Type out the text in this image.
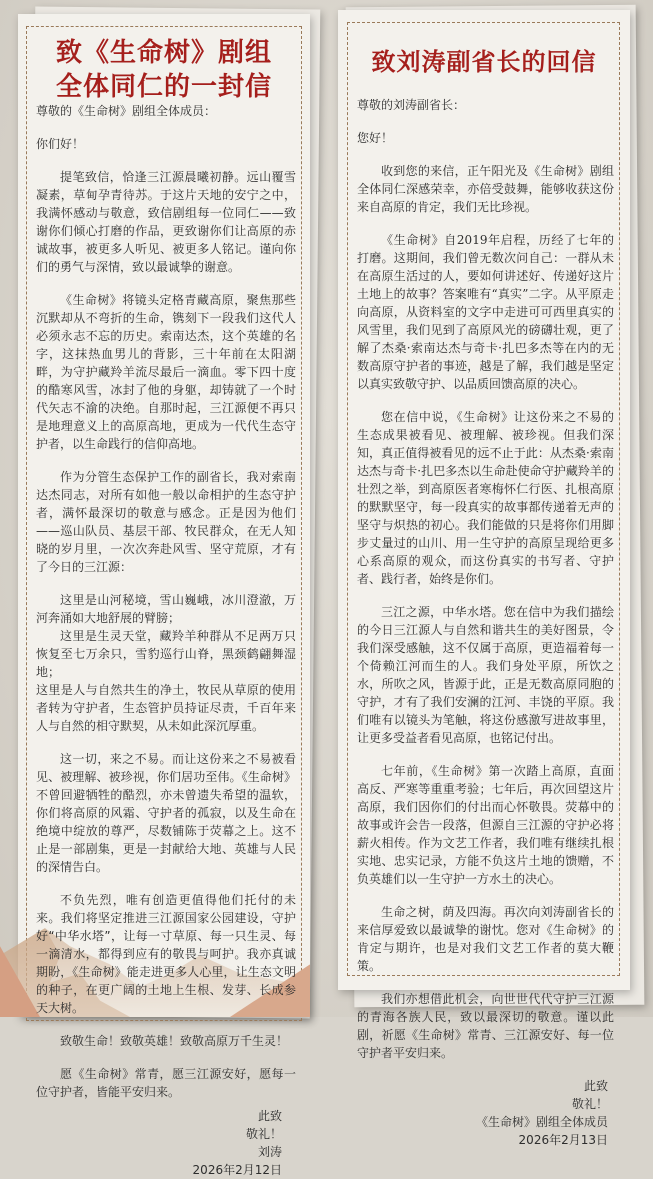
致《生命树》剧组
全体同仁的一封信

尊敬的《生命树》剧组全体成员：

你们好！

提笔致信，恰逢三江源晨曦初静。远山覆雪凝素，草甸孕青待苏。于这片天地的安宁之中，我满怀感动与敬意，致信剧组每一位同仁——致谢你们倾心打磨的作品，更致谢你们让高原的赤诚故事，被更多人听见、被更多人铭记。谨向你们的勇气与深情，致以最诚挚的谢意。

《生命树》将镜头定格青藏高原，聚焦那些沉默却从不弯折的生命，镌刻下一段我们这代人必须永志不忘的历史。索南达杰，这个英雄的名字，这抹热血男儿的背影，三十年前在太阳湖畔，为守护藏羚羊流尽最后一滴血。零下四十度的酷寒风雪，冰封了他的身躯，却铸就了一个时代矢志不渝的决绝。自那时起，三江源便不再只是地理意义上的高原高地，更成为一代代生态守护者，以生命践行的信仰高地。

作为分管生态保护工作的副省长，我对索南达杰同志，对所有如他一般以命相护的生态守护者，满怀最深切的敬意与感念。正是因为他们——巡山队员、基层干部、牧民群众，在无人知晓的岁月里，一次次奔赴风雪、坚守荒原，才有了今日的三江源：

这里是山河秘境，雪山巍峨，冰川澄澈，万河奔涌如大地舒展的臂膀；

这里是生灵天堂，藏羚羊种群从不足两万只恢复至七万余只，雪豹巡行山脊，黑颈鹤翩舞湿地；

这里是人与自然共生的净土，牧民从草原的使用者转为守护者，生态管护员持证尽责，千百年来人与自然的相守默契，从未如此深沉厚重。

这一切，来之不易。而让这份来之不易被看见、被理解、被珍视，你们居功至伟。《生命树》不曾回避牺牲的酷烈，亦未曾遗失希望的温软，你们将高原的风霜、守护者的孤寂，以及生命在绝境中绽放的尊严，尽数铺陈于荧幕之上。这不止是一部剧集，更是一封献给大地、英雄与人民的深情告白。

不负先烈，唯有创造更值得他们托付的未来。我们将坚定推进三江源国家公园建设，守护好“中华水塔”，让每一寸草原、每一只生灵、每一滴清水，都得到应有的敬畏与呵护。我亦真诚期盼，《生命树》能走进更多人心里，让生态文明的种子，在更广阔的土地上生根、发芽、长成参天大树。

致敬生命！致敬英雄！致敬高原万千生灵！

愿《生命树》常青，愿三江源安好，愿每一位守护者，皆能平安归来。

此致
敬礼！
刘涛
2026年2月12日
致刘涛副省长的回信

尊敬的刘涛副省长：

您好！

收到您的来信，正午阳光及《生命树》剧组全体同仁深感荣幸，亦倍受鼓舞，能够收获这份来自高原的肯定，我们无比珍视。

《生命树》自2019年启程，历经了七年的打磨。这期间，我们曾无数次问自己：一群从未在高原生活过的人，要如何讲述好、传递好这片土地上的故事？答案唯有“真实”二字。从平原走向高原，从资料室的文字中走进可可西里真实的风雪里，我们见到了高原风光的磅礴壮观，更了解了杰桑·索南达杰与奇卡·扎巴多杰等在内的无数高原守护者的事迹，越是了解，我们越是坚定以真实致敬守护、以品质回馈高原的决心。

您在信中说，《生命树》让这份来之不易的生态成果被看见、被理解、被珍视。但我们深知，真正值得被看见的远不止于此：从杰桑·索南达杰与奇卡·扎巴多杰以生命赴使命守护藏羚羊的壮烈之举，到高原医者寒梅怀仁行医、扎根高原的默默坚守，每一段真实的故事都传递着无声的坚守与炽热的初心。我们能做的只是将你们用脚步丈量过的山川、用一生守护的高原呈现给更多心系高原的观众，而这份真实的书写者、守护者、践行者，始终是你们。

三江之源，中华水塔。您在信中为我们描绘的今日三江源人与自然和谐共生的美好图景，令我们深受感触，这不仅属于高原，更造福着每一个倚赖江河而生的人。我们身处平原，所饮之水，所吹之风，皆源于此，正是无数高原同胞的守护，才有了我们安澜的江河、丰饶的平原。我们唯有以镜头为笔触，将这份感激写进故事里，让更多受益者看见高原，也铭记付出。

七年前，《生命树》第一次踏上高原，直面高反、严寒等重重考验；七年后，再次回望这片高原，我们因你们的付出而心怀敬畏。荧幕中的故事或许会告一段落，但源自三江源的守护必将薪火相传。作为文艺工作者，我们唯有继续扎根实地、忠实记录，方能不负这片土地的馈赠，不负英雄们以一生守护一方水土的决心。

生命之树，荫及四海。再次向刘涛副省长的来信厚爱致以最诚挚的谢忱。您对《生命树》的肯定与期许，也是对我们文艺工作者的莫大鞭策。

我们亦想借此机会，向世世代代守护三江源的青海各族人民，致以最深切的敬意。谨以此剧，祈愿《生命树》常青、三江源安好、每一位守护者平安归来。

此致
敬礼！
《生命树》剧组全体成员
2026年2月13日
